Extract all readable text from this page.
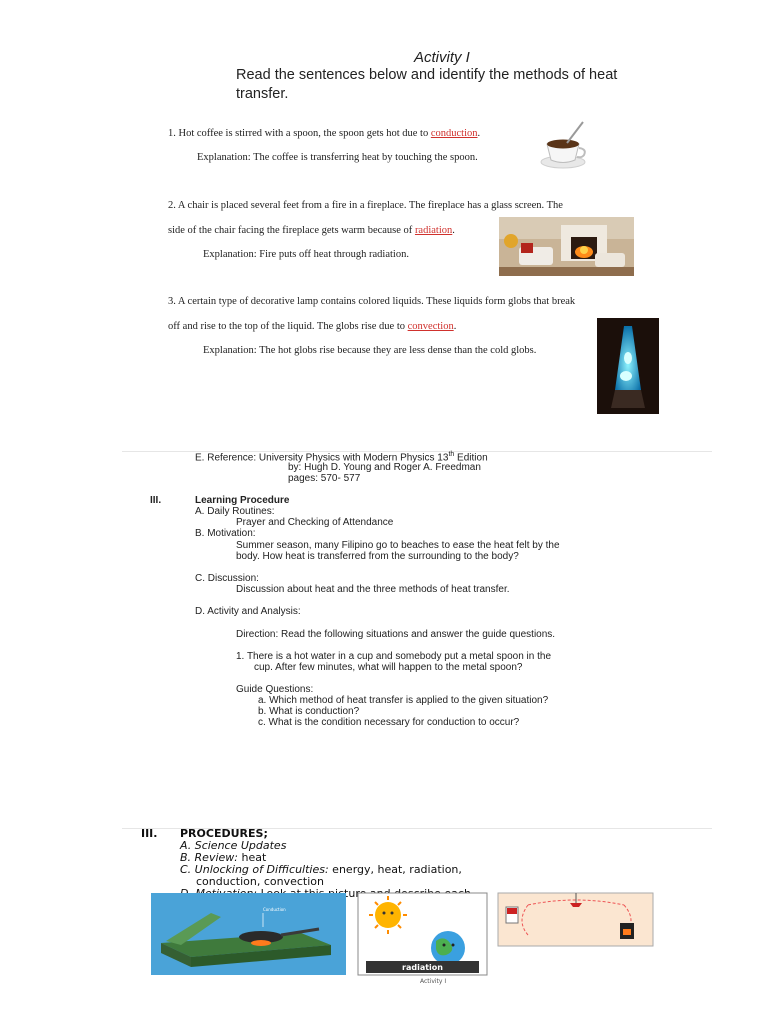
Activity I
Read the sentences below and identify the methods of heat transfer.
1. Hot coffee is stirred with a spoon, the spoon gets hot due to conduction.
Explanation: The coffee is transferring heat by touching the spoon.
2. A chair is placed several feet from a fire in a fireplace. The fireplace has a glass screen. The
side of the chair facing the fireplace gets warm because of radiation.
Explanation: Fire puts off heat through radiation.
3. A certain type of decorative lamp contains colored liquids. These liquids form globs that break
off and rise to the top of the liquid. The globs rise due to convection.
Explanation: The hot globs rise because they are less dense than the cold globs.
E. Reference: University Physics with Modern Physics 13th Edition
by: Hugh D. Young and Roger A. Freedman
pages: 570- 577
III.	Learning Procedure
A. Daily Routines:
Prayer and Checking of Attendance
B. Motivation:
Summer season, many Filipino go to beaches to ease the heat felt by the
body. How heat is transferred from the surrounding to the body?
C. Discussion:
Discussion about heat and the three methods of heat transfer.
D. Activity and Analysis:
Direction: Read the following situations and answer the guide questions.
1. There is a hot water in a cup and somebody put a metal spoon in the
cup. After few minutes, what will happen to the metal spoon?
Guide Questions:
a. Which method of heat transfer is applied to the given situation?
b. What is conduction?
c. What is the condition necessary for conduction to occur?
III. PROCEDURES;
A. Science Updates
B. Review: heat
C. Unlocking of Difficulties: energy, heat, radiation,
conduction, convection
picture
Conduction
radiation
Activity I
